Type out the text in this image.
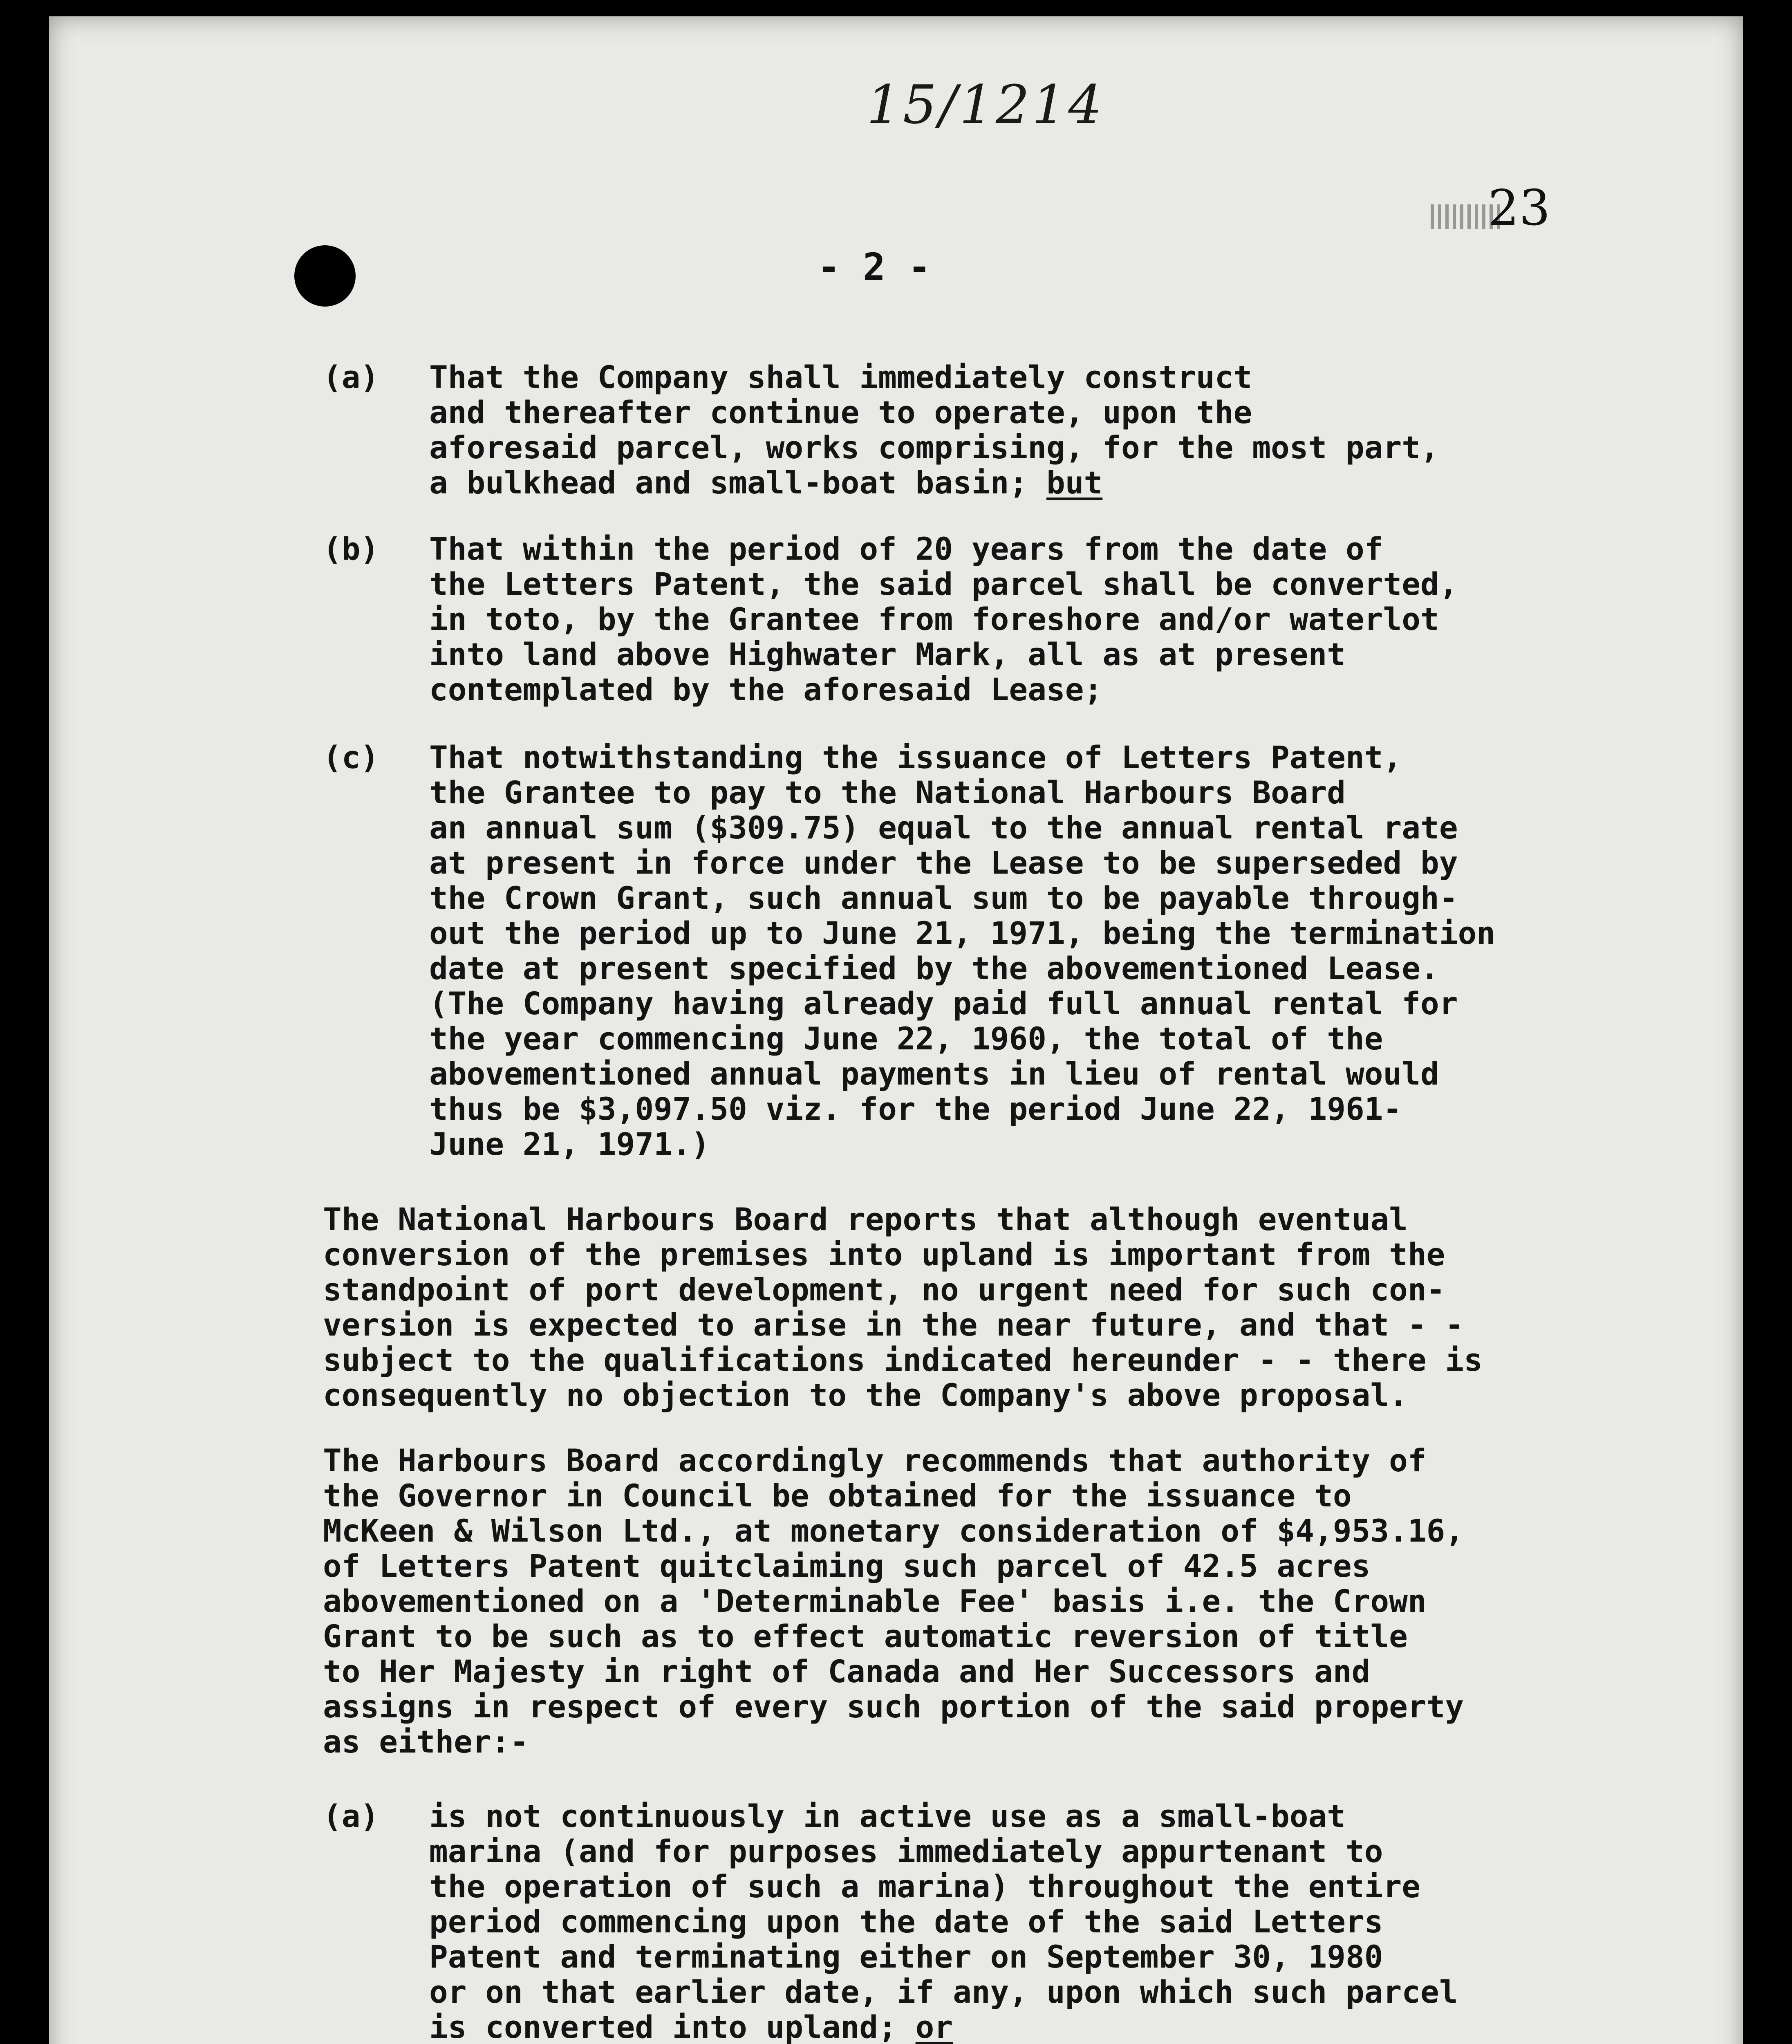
15/1214
23
- 2 -
(a) That the Company shall immediately construct
and thereafter continue to operate, upon the
aforesaid parcel, works comprising, for the most part,
a bulkhead and small-boat basin; but
(b) That within the period of 20 years from the date of
the Letters Patent, the said parcel shall be converted,
in toto, by the Grantee from foreshore and/or waterlot
into land above Highwater Mark, all as at present
contemplated by the aforesaid Lease;
(c) That notwithstanding the issuance of Letters Patent,
the Grantee to pay to the National Harbours Board
an annual sum ($309.75) equal to the annual rental rate
at present in force under the Lease to be superseded by
the Crown Grant, such annual sum to be payable through-
out the period up to June 21, 1971, being the termination
date at present specified by the abovementioned Lease.
(The Company having already paid full annual rental for
the year commencing June 22, 1960, the total of the
abovementioned annual payments in lieu of rental would
thus be $3,097.50 viz. for the period June 22, 1961-
June 21, 1971.)
The National Harbours Board reports that although eventual
conversion of the premises into upland is important from the
standpoint of port development, no urgent need for such con-
version is expected to arise in the near future, and that - -
subject to the qualifications indicated hereunder - - there is
consequently no objection to the Company's above proposal.
The Harbours Board accordingly recommends that authority of
the Governor in Council be obtained for the issuance to
McKeen & Wilson Ltd., at monetary consideration of $4,953.16,
of Letters Patent quitclaiming such parcel of 42.5 acres
abovementioned on a 'Determinable Fee' basis i.e. the Crown
Grant to be such as to effect automatic reversion of title
to Her Majesty in right of Canada and Her Successors and
assigns in respect of every such portion of the said property
as either:-
(a) is not continuously in active use as a small-boat
marina (and for purposes immediately appurtenant to
the operation of such a marina) throughout the entire
period commencing upon the date of the said Letters
Patent and terminating either on September 30, 1980
or on that earlier date, if any, upon which such parcel
is converted into upland; or
